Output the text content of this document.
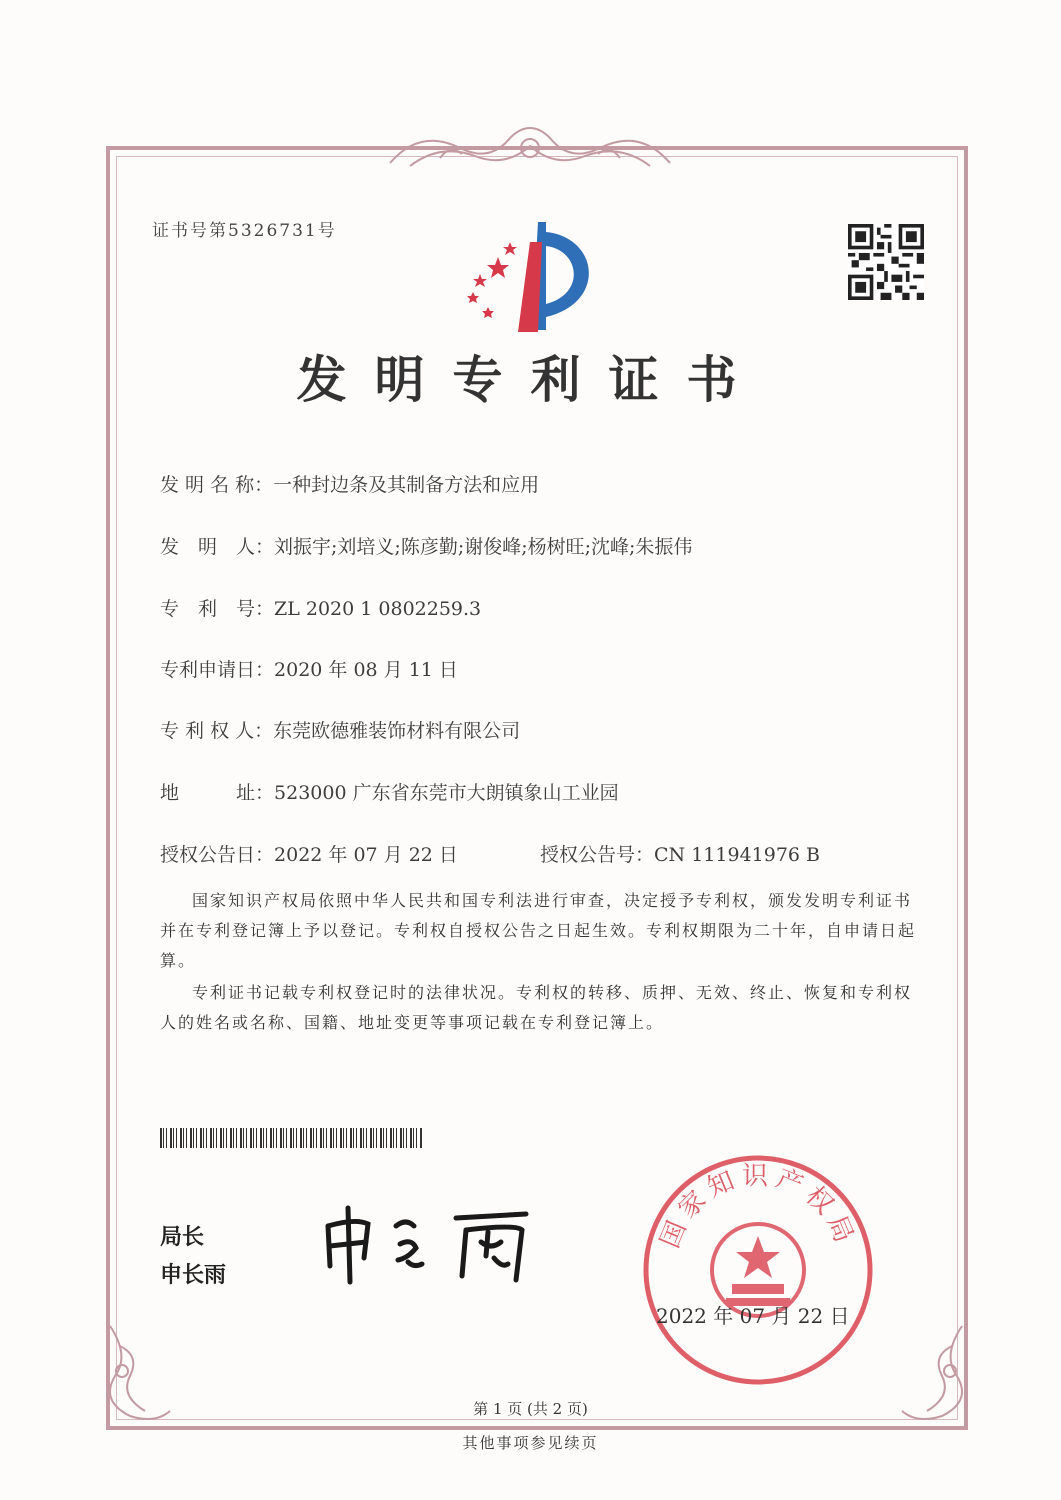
证书号第5326731号
发明专利证书
发 明 名 称：一种封边条及其制备方法和应用
发　明　人：刘振宇;刘培义;陈彦勤;谢俊峰;杨树旺;沈峰;朱振伟
专　利　号：ZL 2020 1 0802259.3
专利申请日：2020 年 08 月 11 日
专 利 权 人：东莞欧德雅装饰材料有限公司
地　　　址：523000 广东省东莞市大朗镇象山工业园
授权公告日：2022 年 07 月 22 日	授权公告号：CN 111941976 B
国家知识产权局依照中华人民共和国专利法进行审查，决定授予专利权，颁发发明专利证书并在专利登记簿上予以登记。专利权自授权公告之日起生效。专利权期限为二十年，自申请日起算。
专利证书记载专利权登记时的法律状况。专利权的转移、质押、无效、终止、恢复和专利权人的姓名或名称、国籍、地址变更等事项记载在专利登记簿上。
局长
申长雨
国家知识产权局
2022 年 07 月 22 日
第 1 页 (共 2 页)
其他事项参见续页
